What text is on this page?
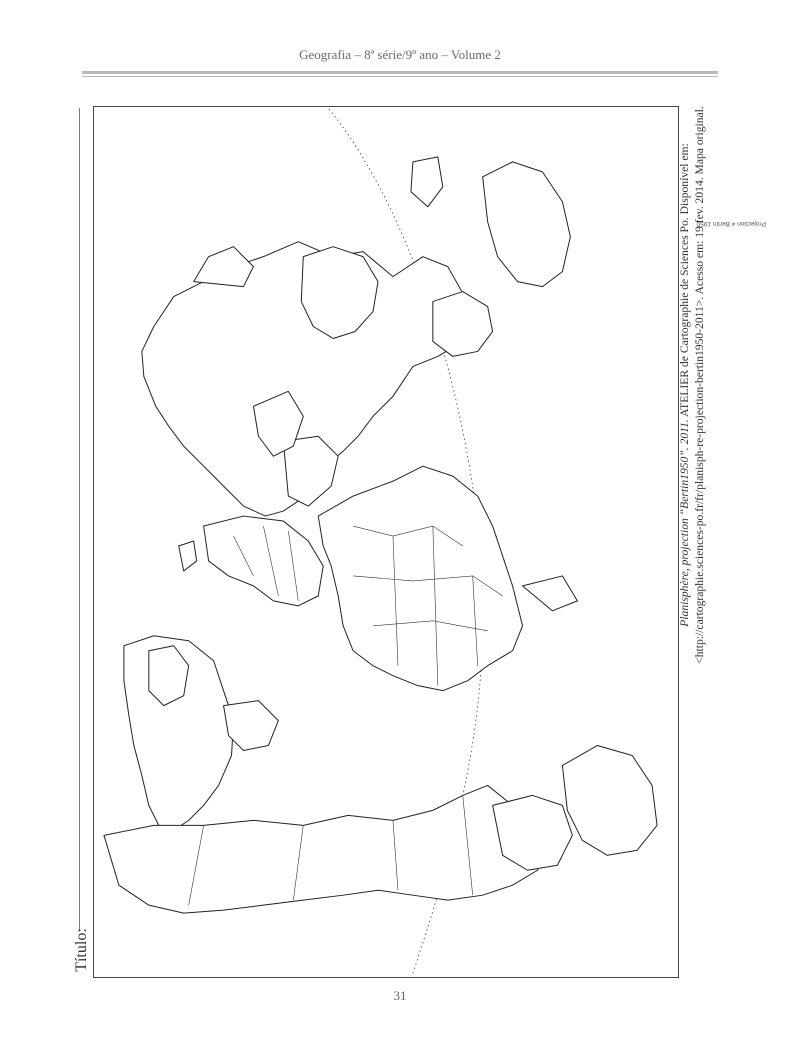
Geografia – 8ª série/9º ano – Volume 2
Título:
Projection ≠ Bertin 1950
Planisphère, projection “Bertin1950”. 2011. ATELIER de Cartographie de Sciences Po. Disponível em: <http://cartographie.sciences-po.fr/fr/planisph-re-projection-bertin1950-2011>. Acesso em: 19 fev. 2014. Mapa original.
31
